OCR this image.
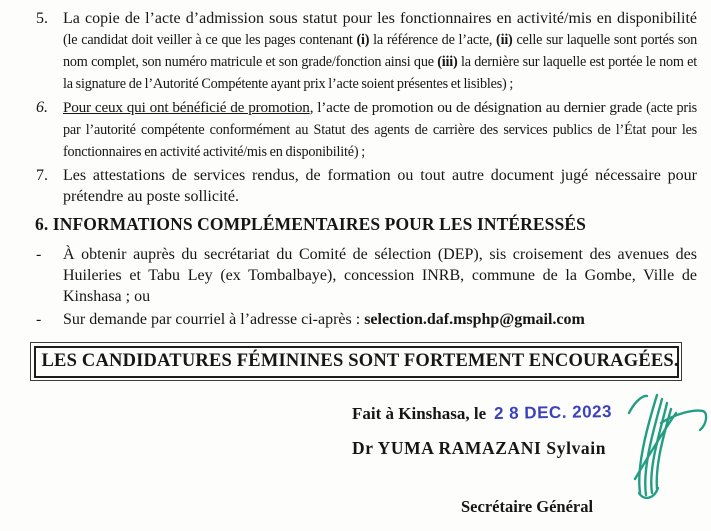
5. La copie de l’acte d’admission sous statut pour les fonctionnaires en activité/mis en disponibilité (le candidat doit veiller à ce que les pages contenant (i) la référence de l’acte, (ii) celle sur laquelle sont portés son nom complet, son numéro matricule et son grade/fonction ainsi que (iii) la dernière sur laquelle est portée le nom et la signature de l’Autorité Compétente ayant prix l’acte soient présentes et lisibles) ;
6. Pour ceux qui ont bénéficié de promotion, l’acte de promotion ou de désignation au dernier grade (acte pris par l’autorité compétente conformément au Statut des agents de carrière des services publics de l’État pour les fonctionnaires en activité activité/mis en disponibilité) ;
7. Les attestations de services rendus, de formation ou tout autre document jugé nécessaire pour prétendre au poste sollicité.
6. INFORMATIONS COMPLÉMENTAIRES POUR LES INTÉRESSÉS
-	À obtenir auprès du secrétariat du Comité de sélection (DEP), sis croisement des avenues des Huileries et Tabu Ley (ex Tombalbaye), concession INRB, commune de la Gombe, Ville de Kinshasa ; ou
-	Sur demande par courriel à l’adresse ci-après : selection.daf.msphp@gmail.com
LES CANDIDATURES FÉMININES SONT FORTEMENT ENCOURAGÉES.
Fait à Kinshasa, le 2 8 DEC. 2023
Dr YUMA RAMAZANI Sylvain
Secrétaire Général
